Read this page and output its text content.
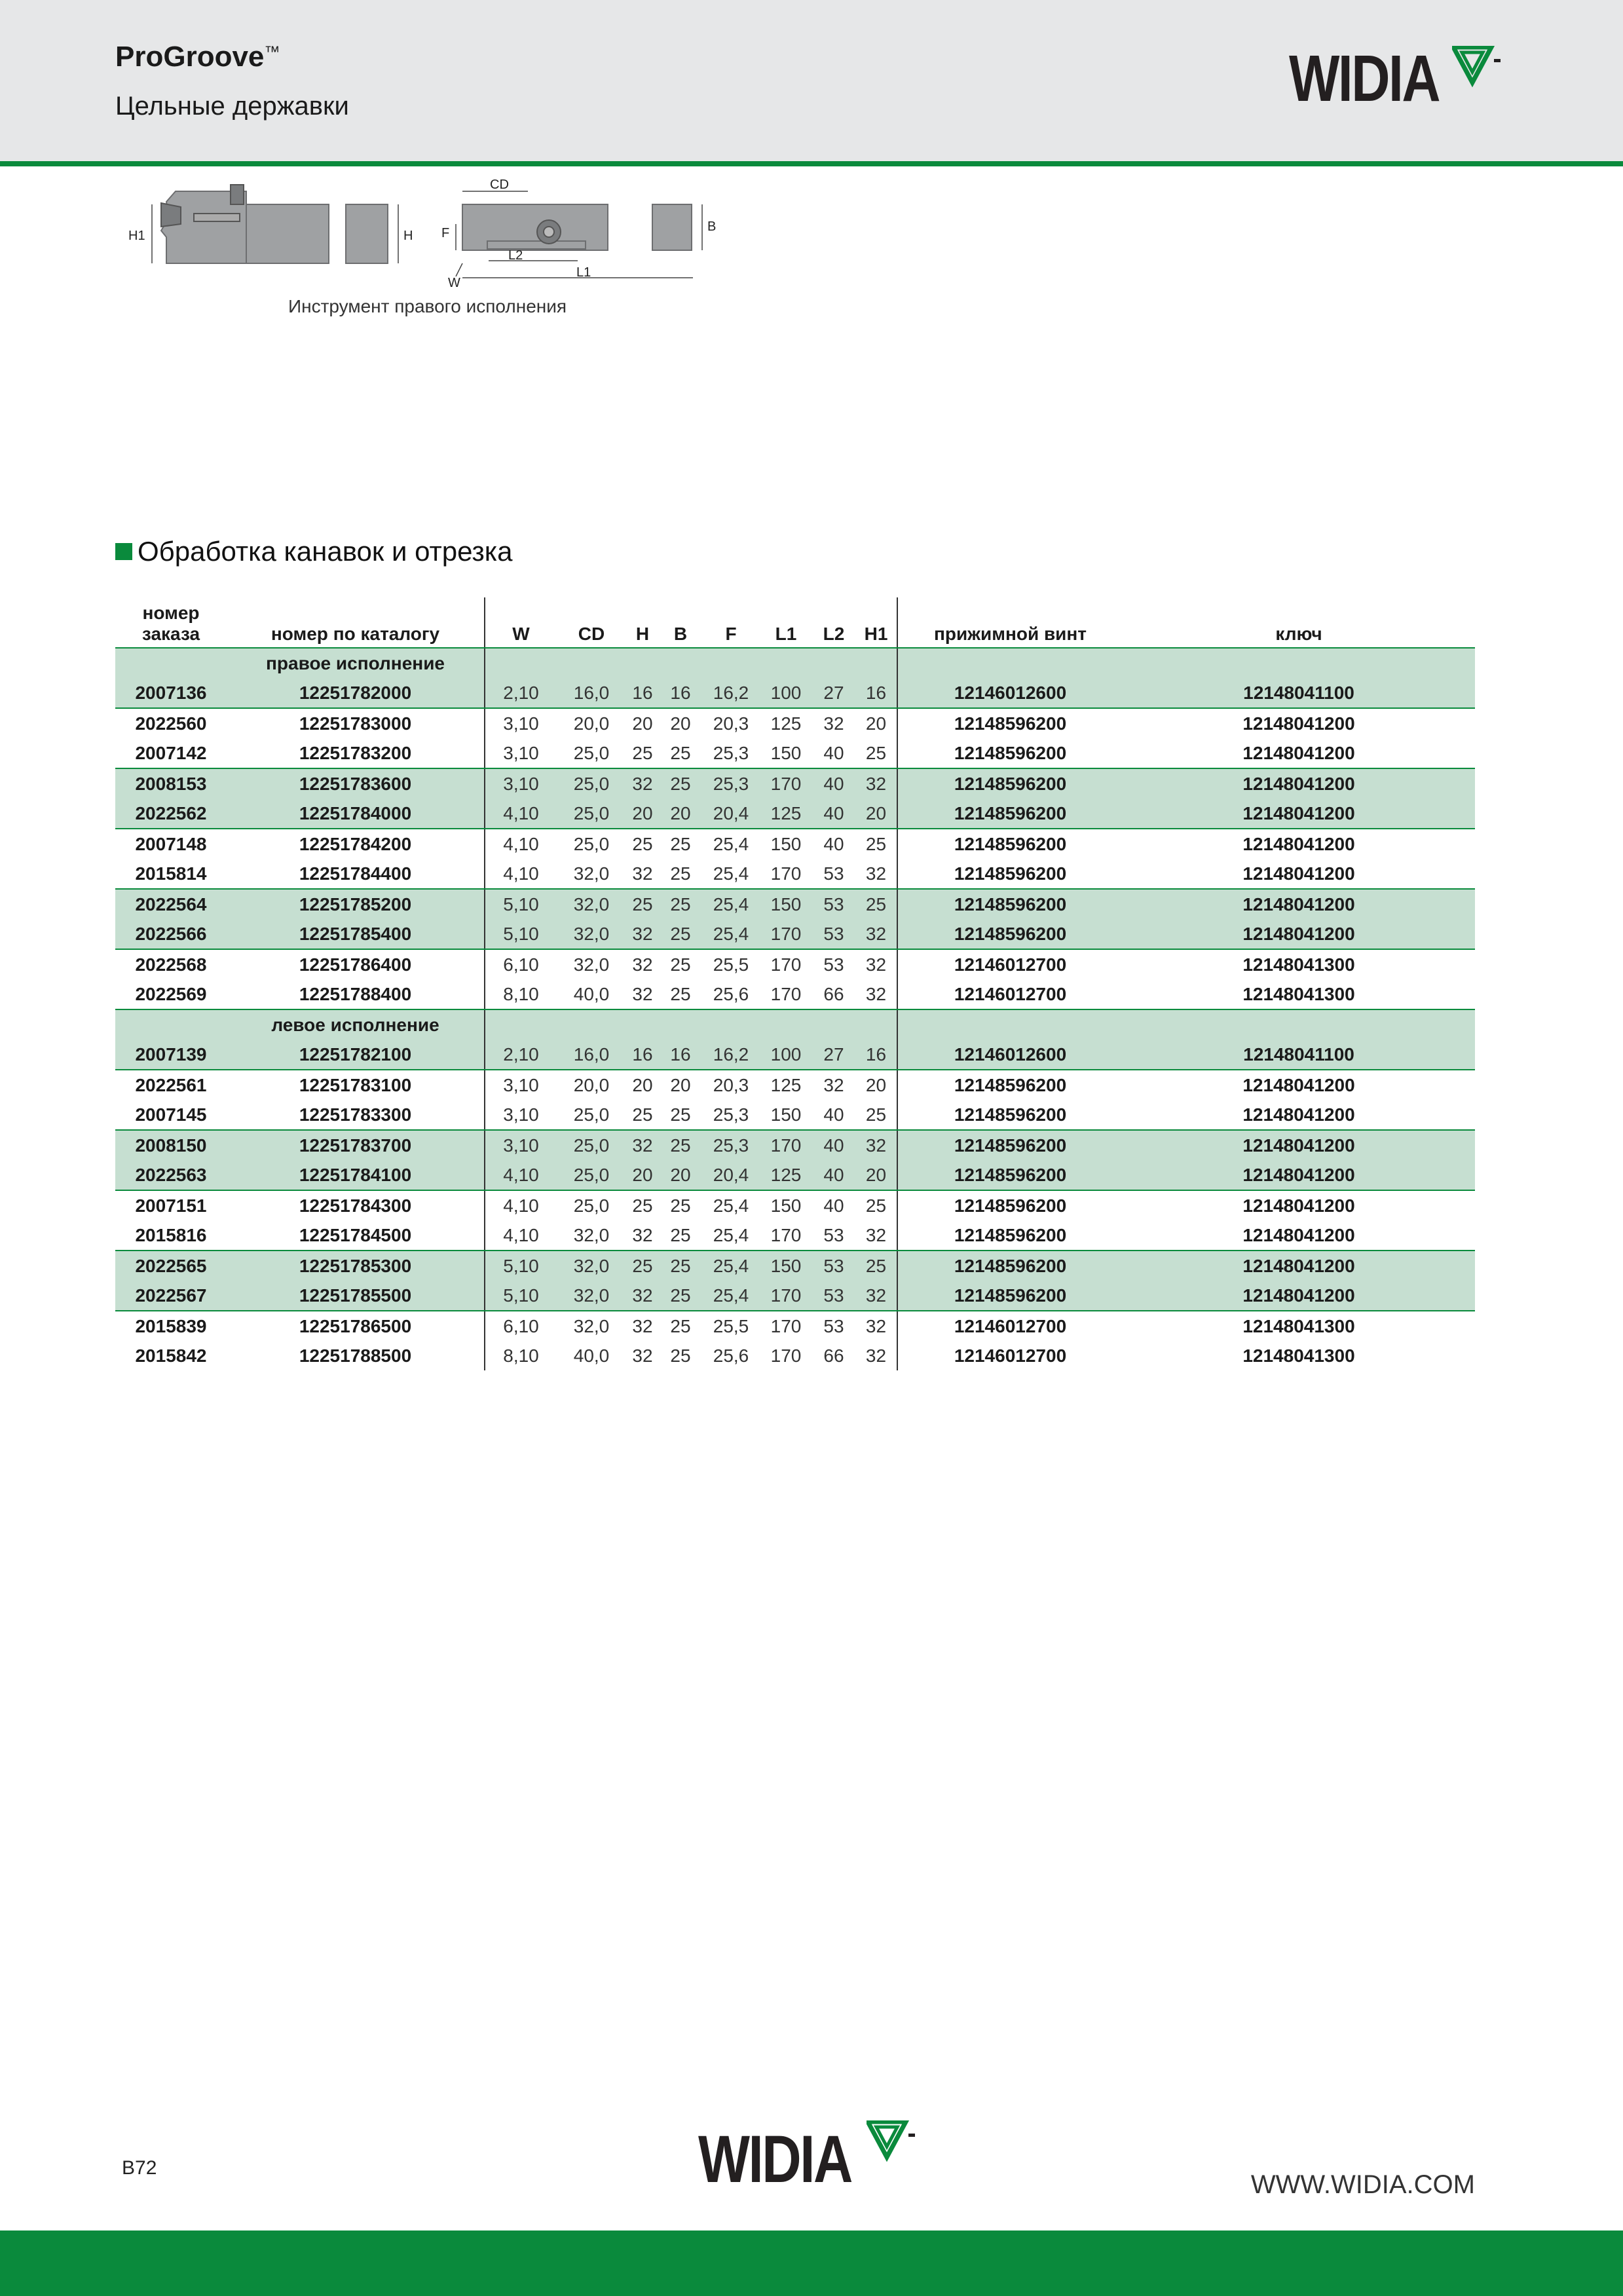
ProGroove™
Цельные державки	WIDIA
H1	H
CD
F
L2
L1
W
B
Инструмент правого исполнения
Обработка канавок и отрезка
номер заказа	номер по каталогу	W	CD	H	B	F	L1	L2	H1	прижимной винт	ключ
	правое исполнение										
2007136	12251782000	2,10	16,0	16	16	16,2	100	27	16	12146012600	12148041100
2022560	12251783000	3,10	20,0	20	20	20,3	125	32	20	12148596200	12148041200
2007142	12251783200	3,10	25,0	25	25	25,3	150	40	25	12148596200	12148041200
2008153	12251783600	3,10	25,0	32	25	25,3	170	40	32	12148596200	12148041200
2022562	12251784000	4,10	25,0	20	20	20,4	125	40	20	12148596200	12148041200
2007148	12251784200	4,10	25,0	25	25	25,4	150	40	25	12148596200	12148041200
2015814	12251784400	4,10	32,0	32	25	25,4	170	53	32	12148596200	12148041200
2022564	12251785200	5,10	32,0	25	25	25,4	150	53	25	12148596200	12148041200
2022566	12251785400	5,10	32,0	32	25	25,4	170	53	32	12148596200	12148041200
2022568	12251786400	6,10	32,0	32	25	25,5	170	53	32	12146012700	12148041300
2022569	12251788400	8,10	40,0	32	25	25,6	170	66	32	12146012700	12148041300
	левое исполнение										
2007139	12251782100	2,10	16,0	16	16	16,2	100	27	16	12146012600	12148041100
2022561	12251783100	3,10	20,0	20	20	20,3	125	32	20	12148596200	12148041200
2007145	12251783300	3,10	25,0	25	25	25,3	150	40	25	12148596200	12148041200
2008150	12251783700	3,10	25,0	32	25	25,3	170	40	32	12148596200	12148041200
2022563	12251784100	4,10	25,0	20	20	20,4	125	40	20	12148596200	12148041200
2007151	12251784300	4,10	25,0	25	25	25,4	150	40	25	12148596200	12148041200
2015816	12251784500	4,10	32,0	32	25	25,4	170	53	32	12148596200	12148041200
2022565	12251785300	5,10	32,0	25	25	25,4	150	53	25	12148596200	12148041200
2022567	12251785500	5,10	32,0	32	25	25,4	170	53	32	12148596200	12148041200
2015839	12251786500	6,10	32,0	32	25	25,5	170	53	32	12146012700	12148041300
2015842	12251788500	8,10	40,0	32	25	25,6	170	66	32	12146012700	12148041300
WIDIA
B72
WWW.WIDIA.COM
